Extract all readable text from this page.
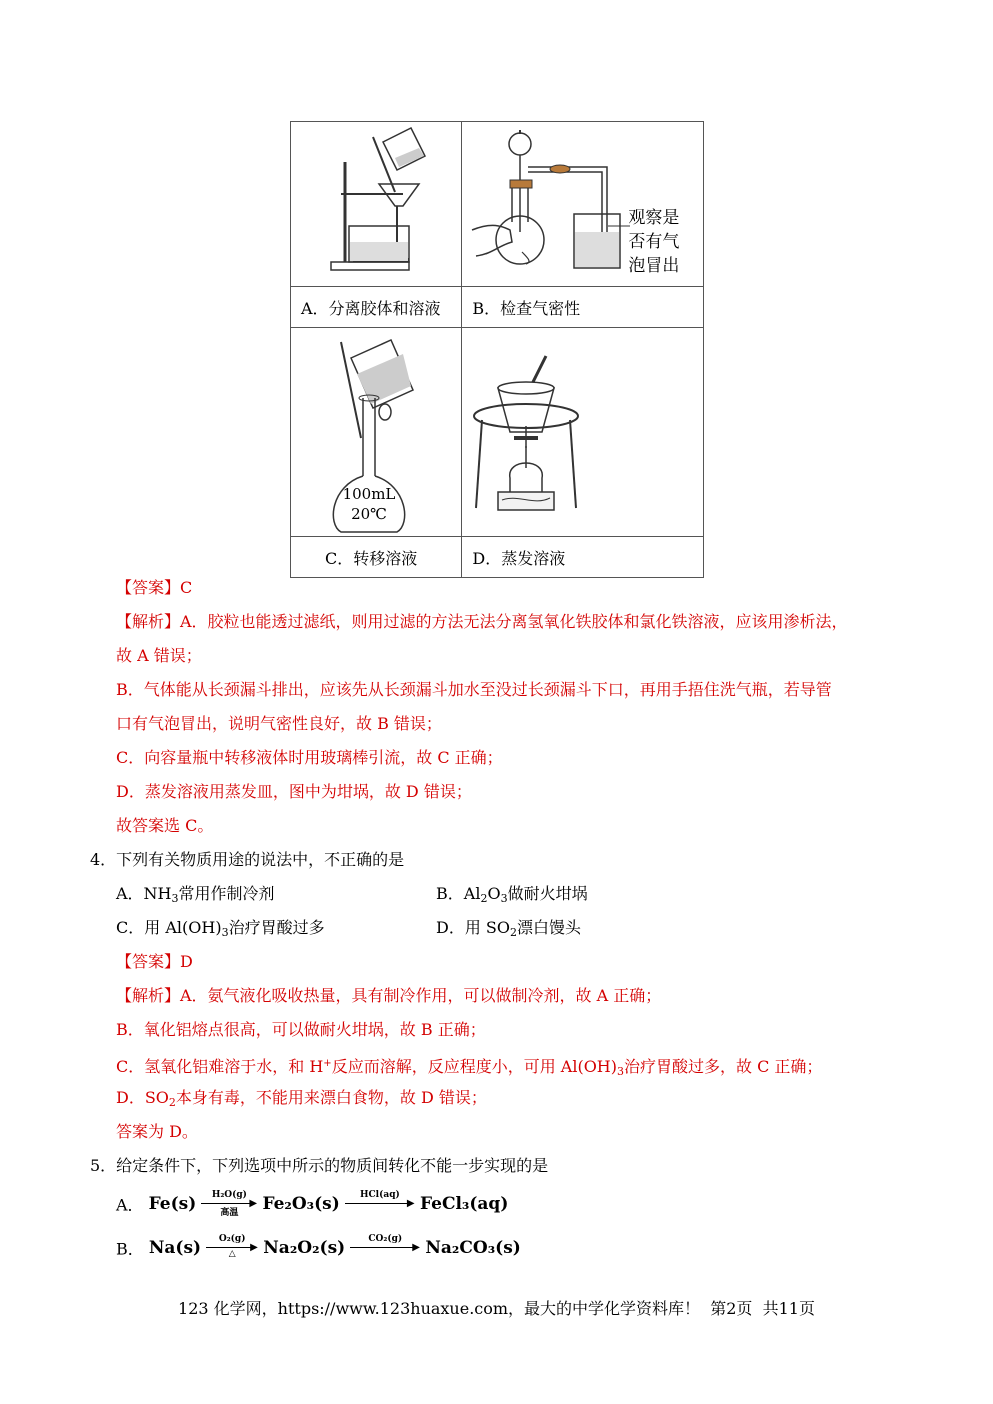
观察是
否有气
泡冒出

A．分离胶体和溶液	B．检查气密性

100mL
20℃

C．转移溶液	D．蒸发溶液
【答案】C
【解析】A．胶粒也能透过滤纸，则用过滤的方法无法分离氢氧化铁胶体和氯化铁溶液，应该用渗析法，
故 A 错误；
B．气体能从长颈漏斗排出，应该先从长颈漏斗加水至没过长颈漏斗下口，再用手捂住洗气瓶，若导管
口有气泡冒出，说明气密性良好，故 B 错误；
C．向容量瓶中转移液体时用玻璃棒引流，故 C 正确；
D．蒸发溶液用蒸发皿，图中为坩埚，故 D 错误；
故答案选 C。
4．下列有关物质用途的说法中，不正确的是
A．$NH_3$常用作制冷剂	B．$Al_2O_3$做耐火坩埚
C．用 $Al(OH)_3$治疗胃酸过多	D．用 $SO_2$漂白馒头
【答案】D
【解析】A．氨气液化吸收热量，具有制冷作用，可以做制冷剂，故 A 正确；
B．氧化铝熔点很高，可以做耐火坩埚，故 B 正确；
C．氢氧化铝难溶于水，和 H+反应而溶解，反应程度小，可用 $Al(OH)_3$治疗胃酸过多，故 C 正确；
D．$SO_2$本身有毒，不能用来漂白食物，故 D 错误；
答案为 D。
5．给定条件下，下列选项中所示的物质间转化不能一步实现的是
A． Fe(s)	H₂O(g)
▶
高温	Fe₂O₃(s)	HCl(aq)
▶ FeCl₃(aq)
B． Na(s)	O₂(g)
▶
△	Na₂O₂(s)	CO₂(g)
▶ Na₂CO₃(s)
123 化学网，https://www.123huaxue.com，最大的中学化学资料库！  第2页  共11页
